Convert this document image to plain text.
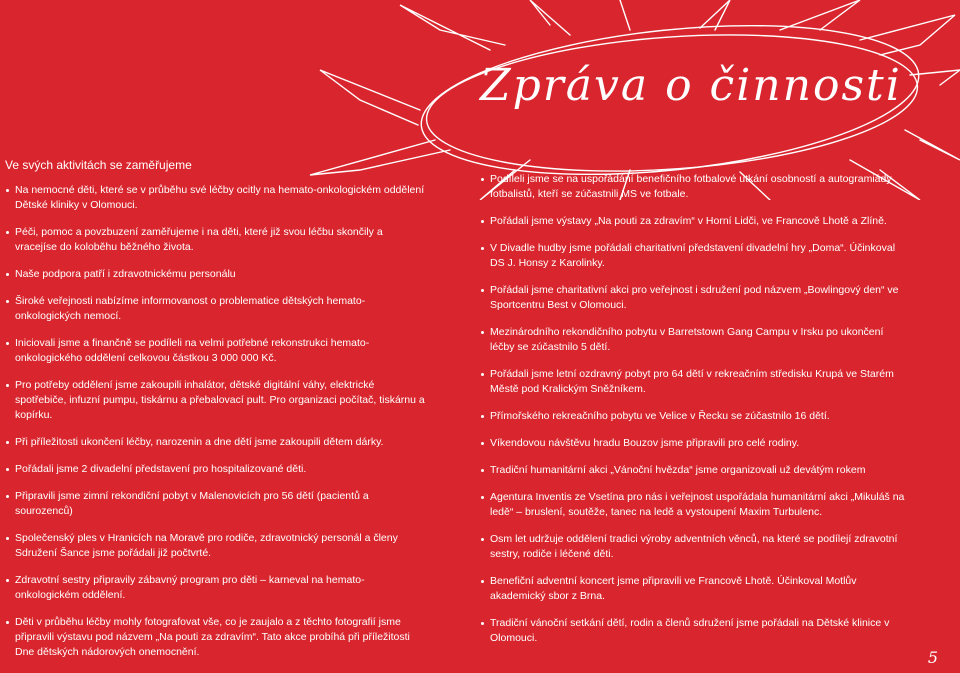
Zpráva o činnosti
Ve svých aktivitách se zaměřujeme
Na nemocné děti, které se v průběhu své léčby ocitly na hemato-onkologickém oddělení Dětské kliniky v Olomouci.
Péči, pomoc a povzbuzení zaměřujeme i na děti, které již svou léčbu skončily a vracejíse do koloběhu běžného života.
Naše podpora patří i zdravotnickému personálu
Široké veřejnosti nabízíme informovanost o problematice dětských hemato-onkologických nemocí.
Iniciovali jsme a finančně se podíleli na velmi potřebné rekonstrukci hemato-onkologického oddělení celkovou částkou 3 000 000 Kč.
Pro potřeby oddělení jsme zakoupili inhalátor, dětské digitální váhy, elektrické spotřebiče, infuzní pumpu, tiskárnu a přebalovací pult. Pro organizaci počítač, tiskárnu a kopírku.
Při příležitosti ukončení léčby, narozenin a dne dětí jsme zakoupili dětem dárky.
Pořádali jsme 2 divadelní představení pro hospitalizované děti.
Připravili jsme zimní rekondiční pobyt v Malenovicích pro 56 dětí (pacientů a sourozenců)
Společenský ples v Hranicích na Moravě pro rodiče, zdravotnický personál a členy Sdružení Šance jsme pořádali již počtvrté.
Zdravotní sestry připravily zábavný program pro děti – karneval na hemato-onkologickém oddělení.
Děti v průběhu léčby mohly fotografovat vše, co je zaujalo a z těchto fotografií jsme připravili výstavu pod názvem „Na pouti za zdravím“. Tato akce probíhá při příležitosti Dne dětských nádorových onemocnění.
Podíleli jsme se na uspořádání benefičního fotbalové utkání osobností a autogramiády fotbalistů, kteří se zúčastnili MS ve fotbale.
Pořádali jsme výstavy „Na pouti za zdravím“ v Horní Lidči, ve Francově Lhotě a Zlíně.
V Divadle hudby jsme pořádali charitativní představení divadelní hry „Doma“. Účinkoval DS J. Honsy z Karolinky.
Pořádali jsme charitativní akci pro veřejnost i sdružení pod názvem „Bowlingový den“ ve Sportcentru Best v Olomouci.
Mezinárodního rekondičního pobytu v Barretstown Gang Campu v Irsku po ukončení léčby se zúčastnilo 5 dětí.
Pořádali jsme letní ozdravný pobyt pro 64 dětí v rekreačním středisku Krupá ve Starém Městě pod Kralickým Sněžníkem.
Přímořského rekreačního pobytu ve Velice v Řecku se zúčastnilo 16 dětí.
Víkendovou návštěvu hradu Bouzov jsme připravili pro celé rodiny.
Tradiční humanitární akci „Vánoční hvězda“ jsme organizovali už devátým rokem
Agentura Inventis ze Vsetína pro nás i veřejnost uspořádala humanitární akci „Mikuláš na ledě“ – bruslení, soutěže, tanec na ledě a vystoupení Maxim Turbulenc.
Osm let udržuje oddělení tradici výroby adventních věnců, na které se podílejí zdravotní sestry, rodiče i léčené děti.
Benefiční adventní koncert jsme připravili ve Francově Lhotě. Účinkoval Motlův akademický sbor z Brna.
Tradiční vánoční setkání dětí, rodin a členů sdružení jsme pořádali na Dětské klinice v Olomouci.
5
